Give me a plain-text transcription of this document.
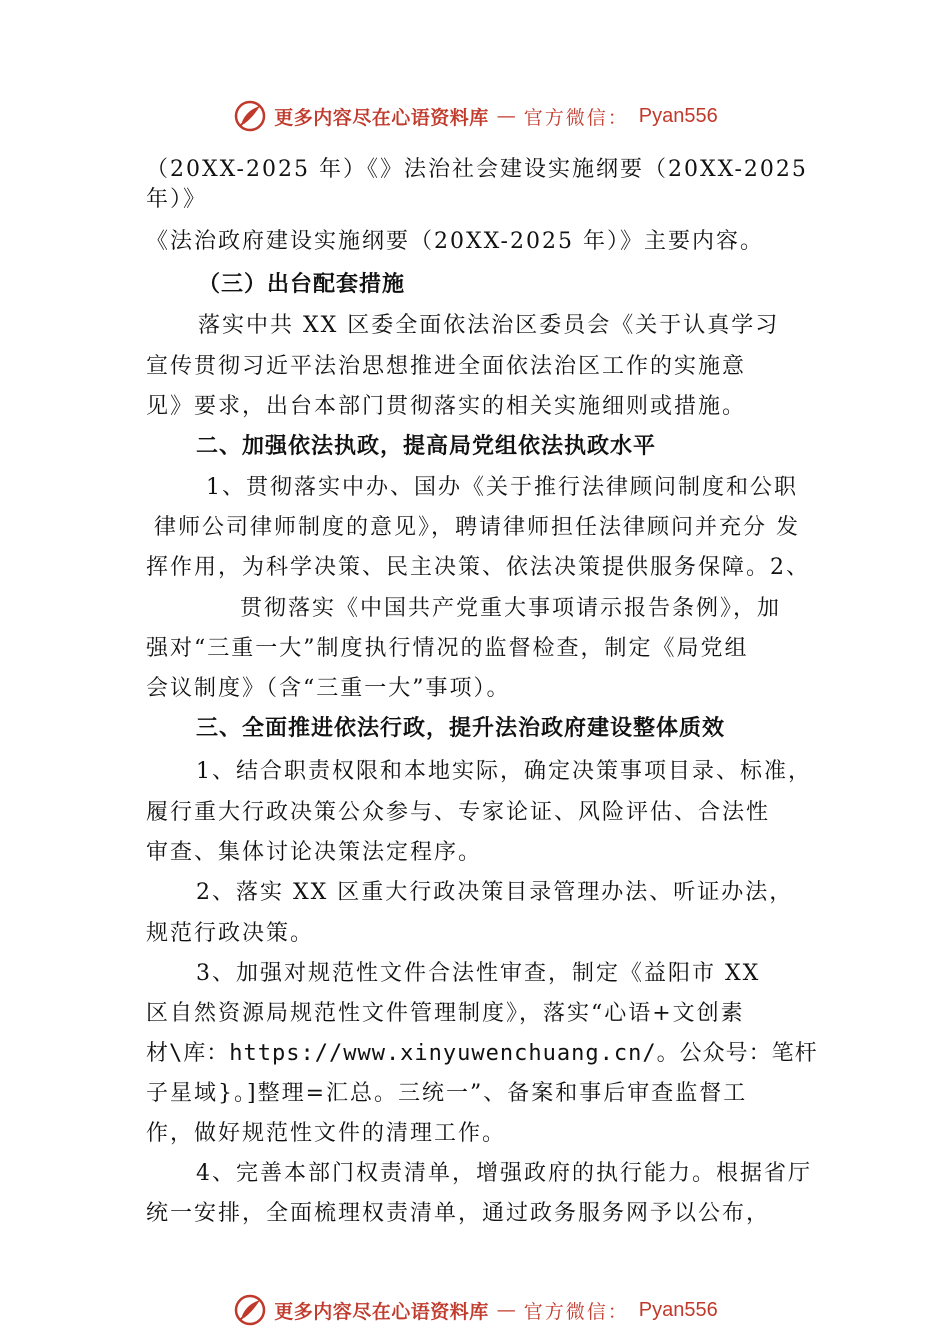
更多内容尽在心语资料库 — 官方微信： Pyan556
（20XX-2025 年）《》法治社会建设实施纲要（20XX-2025
年）》
《法治政府建设实施纲要（20XX-2025 年）》主要内容。
（三）出台配套措施
落实中共 XX 区委全面依法治区委员会《关于认真学习
宣传贯彻习近平法治思想推进全面依法治区工作的实施意
见》要求，出台本部门贯彻落实的相关实施细则或措施。
二、加强依法执政，提高局党组依法执政水平
1、贯彻落实中办、国办《关于推行法律顾问制度和公职
律师公司律师制度的意见》，聘请律师担任法律顾问并充分 发
挥作用，为科学决策、民主决策、依法决策提供服务保障。2、
贯彻落实《中国共产党重大事项请示报告条例》，加
强对“三重一大”制度执行情况的监督检查，制定《局党组
会议制度》（含“三重一大”事项）。
三、全面推进依法行政，提升法治政府建设整体质效
1、结合职责权限和本地实际，确定决策事项目录、标准，
履行重大行政决策公众参与、专家论证、风险评估、合法性
审查、集体讨论决策法定程序。
2、落实 XX 区重大行政决策目录管理办法、听证办法，
规范行政决策。
3、加强对规范性文件合法性审查，制定《益阳市 XX
区自然资源局规范性文件管理制度》，落实“心语+文创素
材\库：https://www.xinyuwenchuang.cn/。公众号：笔杆
子星域}。]整理=汇总。三统一”、备案和事后审查监督工
作，做好规范性文件的清理工作。
4、完善本部门权责清单，增强政府的执行能力。根据省厅
统一安排，全面梳理权责清单，通过政务服务网予以公布，
更多内容尽在心语资料库 — 官方微信： Pyan556
